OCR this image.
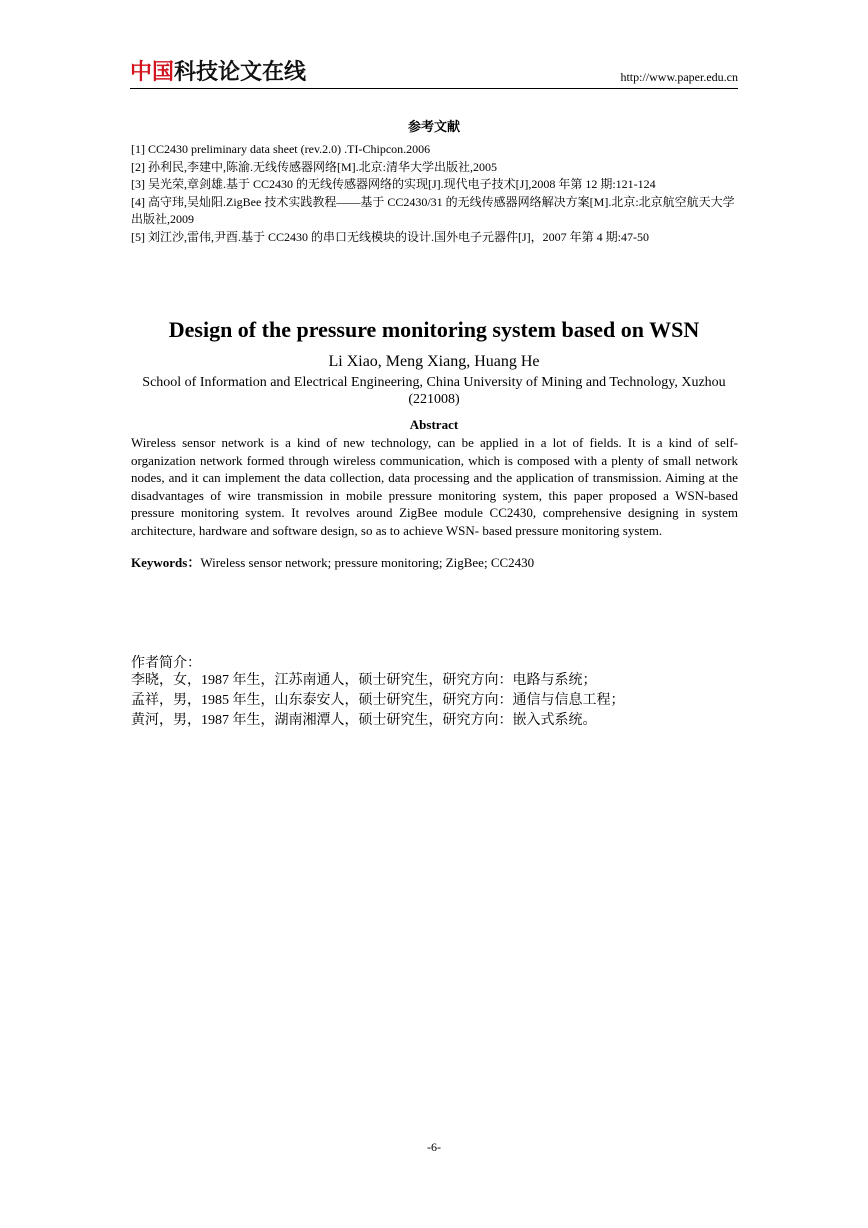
中国科技论文在线	http://www.paper.edu.cn
参考文献

[1] CC2430 preliminary data sheet (rev.2.0) .TI-Chipcon.2006

[2] 孙利民,李建中,陈渝.无线传感器网络[M].北京:清华大学出版社,2005

[3] 吴光荣,章剑雄.基于 CC2430 的无线传感器网络的实现[J].现代电子技术[J],2008 年第 12 期:121-124

[4] 高守玮,吴灿阳.ZigBee 技术实践教程——基于 CC2430/31 的无线传感器网络解决方案[M].北京:北京航空航天大学出版社,2009

[5] 刘江沙,雷伟,尹酉.基于 CC2430 的串口无线模块的设计.国外电子元器件[J]，2007 年第 4 期:47-50

Design of the pressure monitoring system based on WSN
Li Xiao, Meng Xiang, Huang He
School of Information and Electrical Engineering, China University of Mining and Technology, Xuzhou (221008)
Abstract
Wireless sensor network is a kind of new technology, can be applied in a lot of fields. It is a kind of self-organization network formed through wireless communication, which is composed with a plenty of small network nodes, and it can implement the data collection, data processing and the application of transmission. Aiming at the disadvantages of wire transmission in mobile pressure monitoring system, this paper proposed a WSN-based pressure monitoring system. It revolves around ZigBee module CC2430, comprehensive designing in system architecture, hardware and software design, so as to achieve WSN- based pressure monitoring system.
Keywords：Wireless sensor network; pressure monitoring; ZigBee; CC2430
作者简介：

李晓，女，1987 年生，江苏南通人，硕士研究生，研究方向：电路与系统；

孟祥，男，1985 年生，山东泰安人，硕士研究生，研究方向：通信与信息工程；

黄河，男，1987 年生，湖南湘潭人，硕士研究生，研究方向：嵌入式系统。

-6-
